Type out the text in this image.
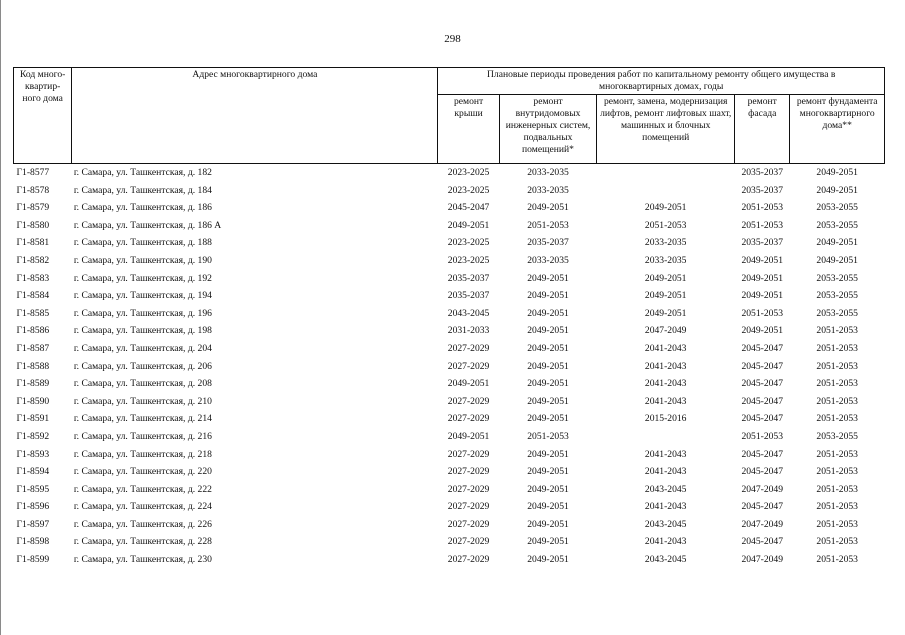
298
Код много-
квартир-
ного дома	Адрес многоквартирного дома	Плановые периоды проведения работ по капитальному ремонту общего имущества в
многоквартирных домах, годы				
		ремонт крыши	ремонт внутридомовых инженерных систем, подвальных помещений*	ремонт, замена, модернизация лифтов, ремонт лифтовых шахт, машинных и блочных помещений	ремонт фасада	ремонт фундамента многоквартирного дома**
Г1-8577	г. Самара, ул. Ташкентская, д. 182	2023-2025	2033-2035		2035-2037	2049-2051
Г1-8578	г. Самара, ул. Ташкентская, д. 184	2023-2025	2033-2035		2035-2037	2049-2051
Г1-8579	г. Самара, ул. Ташкентская, д. 186	2045-2047	2049-2051	2049-2051	2051-2053	2053-2055
Г1-8580	г. Самара, ул. Ташкентская, д. 186 А	2049-2051	2051-2053	2051-2053	2051-2053	2053-2055
Г1-8581	г. Самара, ул. Ташкентская, д. 188	2023-2025	2035-2037	2033-2035	2035-2037	2049-2051
Г1-8582	г. Самара, ул. Ташкентская, д. 190	2023-2025	2033-2035	2033-2035	2049-2051	2049-2051
Г1-8583	г. Самара, ул. Ташкентская, д. 192	2035-2037	2049-2051	2049-2051	2049-2051	2053-2055
Г1-8584	г. Самара, ул. Ташкентская, д. 194	2035-2037	2049-2051	2049-2051	2049-2051	2053-2055
Г1-8585	г. Самара, ул. Ташкентская, д. 196	2043-2045	2049-2051	2049-2051	2051-2053	2053-2055
Г1-8586	г. Самара, ул. Ташкентская, д. 198	2031-2033	2049-2051	2047-2049	2049-2051	2051-2053
Г1-8587	г. Самара, ул. Ташкентская, д. 204	2027-2029	2049-2051	2041-2043	2045-2047	2051-2053
Г1-8588	г. Самара, ул. Ташкентская, д. 206	2027-2029	2049-2051	2041-2043	2045-2047	2051-2053
Г1-8589	г. Самара, ул. Ташкентская, д. 208	2049-2051	2049-2051	2041-2043	2045-2047	2051-2053
Г1-8590	г. Самара, ул. Ташкентская, д. 210	2027-2029	2049-2051	2041-2043	2045-2047	2051-2053
Г1-8591	г. Самара, ул. Ташкентская, д. 214	2027-2029	2049-2051	2015-2016	2045-2047	2051-2053
Г1-8592	г. Самара, ул. Ташкентская, д. 216	2049-2051	2051-2053		2051-2053	2053-2055
Г1-8593	г. Самара, ул. Ташкентская, д. 218	2027-2029	2049-2051	2041-2043	2045-2047	2051-2053
Г1-8594	г. Самара, ул. Ташкентская, д. 220	2027-2029	2049-2051	2041-2043	2045-2047	2051-2053
Г1-8595	г. Самара, ул. Ташкентская, д. 222	2027-2029	2049-2051	2043-2045	2047-2049	2051-2053
Г1-8596	г. Самара, ул. Ташкентская, д. 224	2027-2029	2049-2051	2041-2043	2045-2047	2051-2053
Г1-8597	г. Самара, ул. Ташкентская, д. 226	2027-2029	2049-2051	2043-2045	2047-2049	2051-2053
Г1-8598	г. Самара, ул. Ташкентская, д. 228	2027-2029	2049-2051	2041-2043	2045-2047	2051-2053
Г1-8599	г. Самара, ул. Ташкентская, д. 230	2027-2029	2049-2051	2043-2045	2047-2049	2051-2053
